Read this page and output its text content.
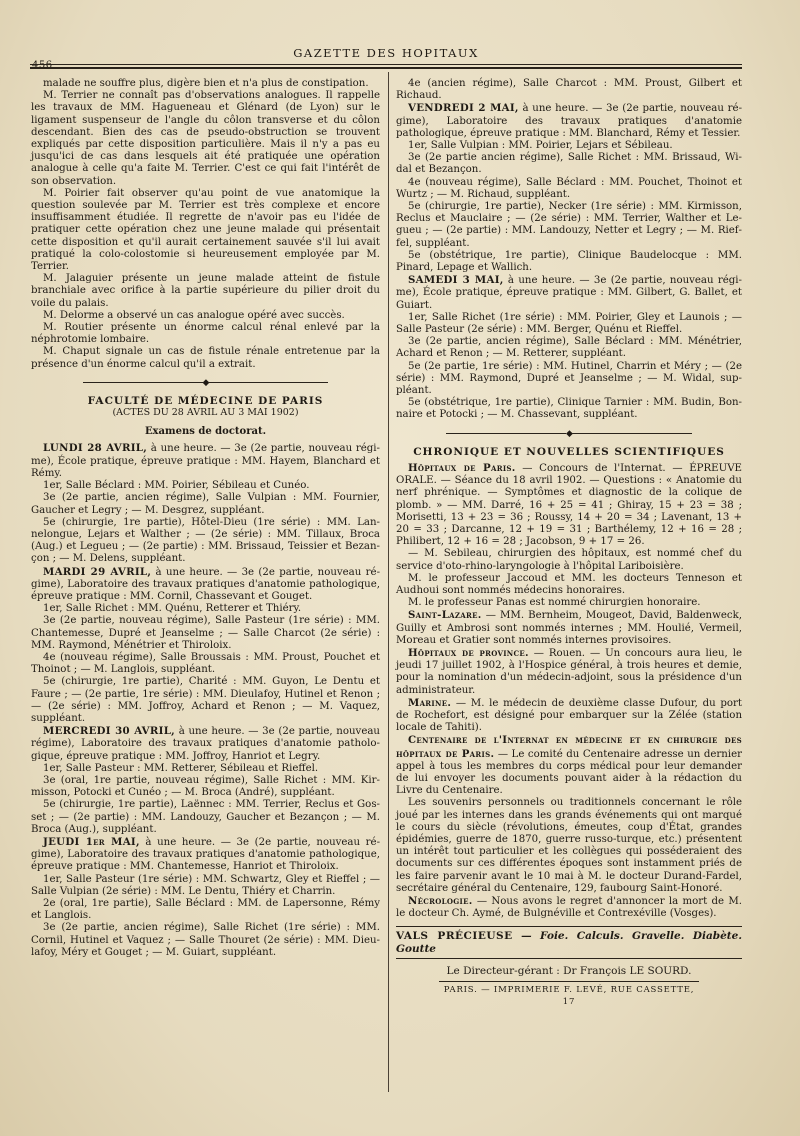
456
GAZETTE DES HOPITAUX

malade ne souffre plus, digère bien et n'a plus de constipation.

M. Terrier ne connaît pas d'observations analogues. Il rappelle les travaux de MM. Hagueneau et Glénard (de Lyon) sur le ligament suspenseur de l'angle du côlon transverse et du côlon descendant. Bien des cas de pseudo-obstruction se trouvent expliqués par cette disposition particulière. Mais il n'y a pas eu jusqu'ici de cas dans lesquels ait été pratiquée une opération analogue à celle qu'a faite M. Terrier. C'est ce qui fait l'intérêt de son observation.

M. Poirier fait observer qu'au point de vue anatomique la question soulevée par M. Terrier est très complexe et encore insuffisamment étudiée. Il regrette de n'avoir pas eu l'idée de pratiquer cette opération chez une jeune malade qui présentait cette disposition et qu'il aurait certainement sauvée s'il lui avait pratiqué la colo-colostomie si heureusement employée par M. Terrier.

M. Jalaguier présente un jeune malade atteint de fistule branchiale avec orifice à la partie supérieure du pilier droit du voile du palais.

M. Delorme a observé un cas analogue opéré avec succès.

M. Routier présente un énorme calcul rénal enlevé par la néphrotomie lombaire.

M. Chaput signale un cas de fistule rénale entretenue par la présence d'un énorme calcul qu'il a extrait.

◆

FACULTÉ DE MÉDECINE DE PARIS

(ACTES DU 28 AVRIL AU 3 MAI 1902)

Examens de doctorat.

LUNDI 28 AVRIL, à une heure. — 3e (2e partie, nouveau régime), École pratique, épreuve pratique : MM. Hayem, Blanchard et Rémy.

1er, Salle Béclard : MM. Poirier, Sébileau et Cunéo.

3e (2e partie, ancien régime), Salle Vulpian : MM. Fournier, Gaucher et Legry ; — M. Desgrez, suppléant.

5e (chirurgie, 1re partie), Hôtel-Dieu (1re série) : MM. Lannelongue, Lejars et Walther ; — (2e série) : MM. Tillaux, Broca (Aug.) et Legueu ; — (2e partie) : MM. Brissaud, Teissier et Bezançon ; — M. Delens, suppléant.

MARDI 29 AVRIL, à une heure. — 3e (2e partie, nouveau régime), Laboratoire des travaux pratiques d'anatomie pathologique, épreuve pratique : MM. Cornil, Chassevant et Gouget.

1er, Salle Richet : MM. Quénu, Retterer et Thiéry.

3e (2e partie, nouveau régime), Salle Pasteur (1re série) : MM. Chantemesse, Dupré et Jeanselme ; — Salle Charcot (2e série) : MM. Raymond, Ménétrier et Thiroloix.

4e (nouveau régime), Salle Broussais : MM. Proust, Pouchet et Thoinot ; — M. Langlois, suppléant.

5e (chirurgie, 1re partie), Charité : MM. Guyon, Le Dentu et Faure ; — (2e partie, 1re série) : MM. Dieulafoy, Hutinel et Renon ; — (2e série) : MM. Joffroy, Achard et Renon ; — M. Vaquez, suppléant.

MERCREDI 30 AVRIL, à une heure. — 3e (2e partie, nouveau régime), Laboratoire des travaux pratiques d'anatomie pathologique, épreuve pratique : MM. Joffroy, Hanriot et Legry.

1er, Salle Pasteur : MM. Retterer, Sébileau et Rieffel.

3e (oral, 1re partie, nouveau régime), Salle Richet : MM. Kirmisson, Potocki et Cunéo ; — M. Broca (André), suppléant.

5e (chirurgie, 1re partie), Laënnec : MM. Terrier, Reclus et Gosset ; — (2e partie) : MM. Landouzy, Gaucher et Bezançon ; — M. Broca (Aug.), suppléant.

JEUDI 1er MAI, à une heure. — 3e (2e partie, nouveau régime), Laboratoire des travaux pratiques d'anatomie pathologique, épreuve pratique : MM. Chantemesse, Hanriot et Thiroloix.

1er, Salle Pasteur (1re série) : MM. Schwartz, Gley et Rieffel ; — Salle Vulpian (2e série) : MM. Le Dentu, Thiéry et Charrin.

2e (oral, 1re partie), Salle Béclard : MM. de Lapersonne, Rémy et Langlois.

3e (2e partie, ancien régime), Salle Richet (1re série) : MM. Cornil, Hutinel et Vaquez ; — Salle Thouret (2e série) : MM. Dieulafoy, Méry et Gouget ; — M. Guiart, suppléant.

4e (ancien régime), Salle Charcot : MM. Proust, Gilbert et Richaud.

VENDREDI 2 MAI, à une heure. — 3e (2e partie, nouveau régime), Laboratoire des travaux pratiques d'anatomie pathologique, épreuve pratique : MM. Blanchard, Rémy et Tessier.

1er, Salle Vulpian : MM. Poirier, Lejars et Sébileau.

3e (2e partie ancien régime), Salle Richet : MM. Brissaud, Widal et Bezançon.

4e (nouveau régime), Salle Béclard : MM. Pouchet, Thoinot et Wurtz ; — M. Richaud, suppléant.

5e (chirurgie, 1re partie), Necker (1re série) : MM. Kirmisson, Reclus et Mauclaire ; — (2e série) : MM. Terrier, Walther et Legueu ; — (2e partie) : MM. Landouzy, Netter et Legry ; — M. Rieffel, suppléant.

5e (obstétrique, 1re partie), Clinique Baudelocque : MM. Pinard, Lepage et Wallich.

SAMEDI 3 MAI, à une heure. — 3e (2e partie, nouveau régime), École pratique, épreuve pratique : MM. Gilbert, G. Ballet, et Guiart.

1er, Salle Richet (1re série) : MM. Poirier, Gley et Launois ; — Salle Pasteur (2e série) : MM. Berger, Quénu et Rieffel.

3e (2e partie, ancien régime), Salle Béclard : MM. Ménétrier, Achard et Renon ; — M. Retterer, suppléant.

5e (2e partie, 1re série) : MM. Hutinel, Charrin et Méry ; — (2e série) : MM. Raymond, Dupré et Jeanselme ; — M. Widal, suppléant.

5e (obstétrique, 1re partie), Clinique Tarnier : MM. Budin, Bonnaire et Potocki ; — M. Chassevant, suppléant.

◆

CHRONIQUE ET NOUVELLES SCIENTIFIQUES

Hôpitaux de Paris. — Concours de l'Internat. — ÉPREUVE ORALE. — Séance du 18 avril 1902. — Questions : « Anatomie du nerf phrénique. — Symptômes et diagnostic de la colique de plomb. » — MM. Darré, 16 + 25 = 41 ; Ghiray, 15 + 23 = 38 ; Morisetti, 13 + 23 = 36 ; Roussy, 14 + 20 = 34 ; Lavenant, 13 + 20 = 33 ; Darcanne, 12 + 19 = 31 ; Barthélemy, 12 + 16 = 28 ; Philibert, 12 + 16 = 28 ; Jacobson, 9 + 17 = 26.

— M. Sebileau, chirurgien des hôpitaux, est nommé chef du service d'oto-rhino-laryngologie à l'hôpital Lariboisière.

M. le professeur Jaccoud et MM. les docteurs Tenneson et Audhoui sont nommés médecins honoraires.

M. le professeur Panas est nommé chirurgien honoraire.

Saint-Lazare. — MM. Bernheim, Mougeot, David, Baldenweck, Guilly et Ambrosi sont nommés internes ; MM. Houlié, Vermeil, Moreau et Gratier sont nommés internes provisoires.

Hôpitaux de province. — Rouen. — Un concours aura lieu, le jeudi 17 juillet 1902, à l'Hospice général, à trois heures et demie, pour la nomination d'un médecin-adjoint, sous la présidence d'un administrateur.

Marine. — M. le médecin de deuxième classe Dufour, du port de Rochefort, est désigné pour embarquer sur la Zélée (station locale de Tahiti).

Centenaire de l'Internat en médecine et en chirurgie des hôpitaux de Paris. — Le comité du Centenaire adresse un dernier appel à tous les membres du corps médical pour leur demander de lui envoyer les documents pouvant aider à la rédaction du Livre du Centenaire.

Les souvenirs personnels ou traditionnels concernant le rôle joué par les internes dans les grands événements qui ont marqué le cours du siècle (révolutions, émeutes, coup d'État, grandes épidémies, guerre de 1870, guerre russo-turque, etc.) présentent un intérêt tout particulier et les collègues qui posséderaient des documents sur ces différentes époques sont instamment priés de les faire parvenir avant le 10 mai à M. le docteur Durand-Fardel, secrétaire général du Centenaire, 129, faubourg Saint-Honoré.

Nécrologie. — Nous avons le regret d'annoncer la mort de M. le docteur Ch. Aymé, de Bulgnéville et Contrexéville (Vosges).

VALS PRÉCIEUSE — Foie. Calculs. Gravelle. Diabète. Goutte
Le Directeur-gérant : Dr François LE SOURD.
PARIS. — IMPRIMERIE F. LEVÉ, RUE CASSETTE, 17
